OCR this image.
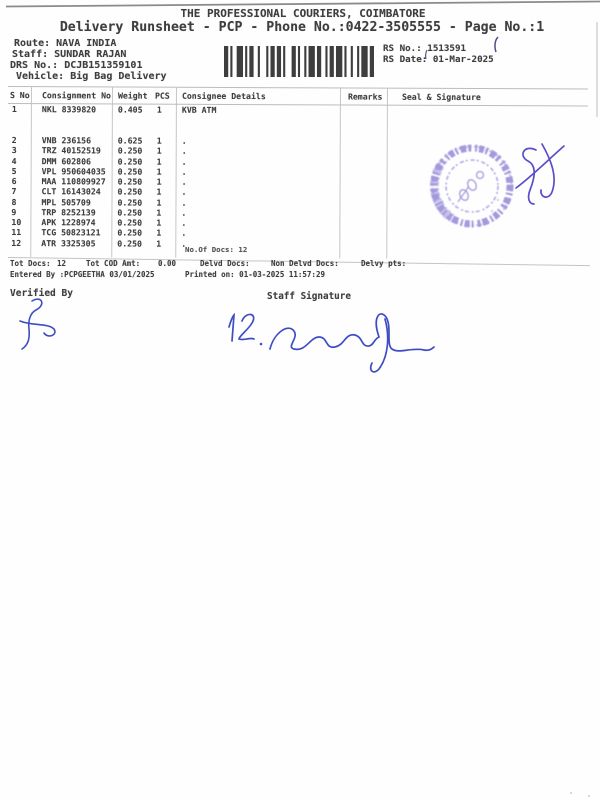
THE PROFESSIONAL COURIERS, COIMBATORE
Delivery Runsheet - PCP - Phone No.:0422-3505555 - Page No.:1
Route: NAVA INDIA
Staff: SUNDAR RAJAN
DRS No.: DCJB151359101
Vehicle: Big Bag Delivery
RS No.: 1513591
RS Date: 01-Mar-2025
S No Consignment No Weight PCS Consignee Details	Remarks Seal & Signature
1	NKL 8339820	0.405 1 KVB ATM
2	VNB 236156	0.625 1 .
3	TRZ 40152519 0.250 1 .
4	DMM 602806	0.250 1 .
5	VPL 950604035 0.250 1 .
6	MAA 110809927 0.250 1 .
7	CLT 16143024 0.250 1 .
8	MPL 505709	0.250 1 .
9	TRP 8252139	0.250 1 .
10 APK 1228974	0.250 1 .
11 TCG 50823121 0.250 1 .
12 ATR 3325305	0.250 1 .
No.Of Docs: 12
Tot Docs: 12	Tot COD Amt: 0.00	Delvd Docs:	Non Delvd Docs:	Delvy pts:
Entered By :PCPGEETHA 03/01/2025	Printed on: 01-03-2025 11:57:29
Verified By	Staff Signature
